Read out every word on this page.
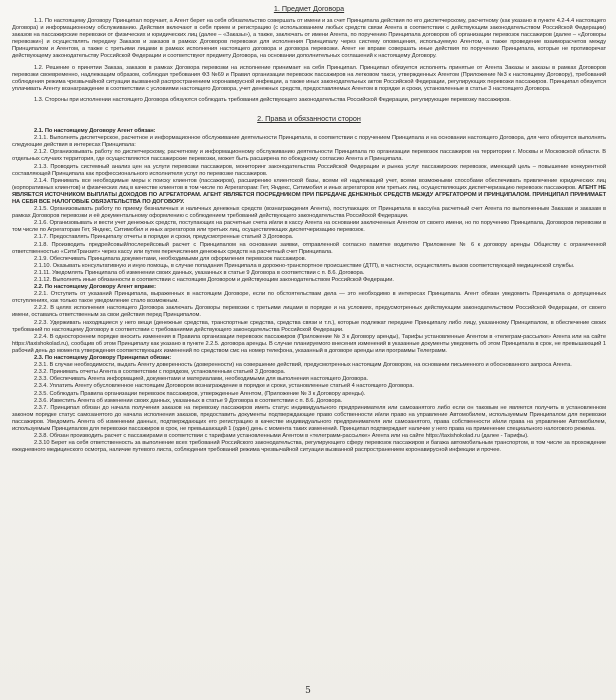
1. Предмет Договора

1.1. По настоящему Договору Принципал поручает, а Агент берет на себя обязательство совершать от имени и за счет Принципала действия по его диспетчерскому, расчетному (как указано в пункте 4.2-4.4 настоящего Договора) и информационному обслуживанию. Действия включают в себя прием и регистрацию (с использованием любых средств связи Агента в соответствии с действующим законодательством Российской Федерации) заказов на пассажирские перевозки от физических и юридических лиц (далее – «Заказы»), а также, заключать от имени Агента, по поручению Принципала договоров об организации перевозок пассажиров (далее – «Договоры перевозки») и осуществлять передачу Заказов и заказов в рамках Договоров перевозки для исполнения Принципалу через систему оповещения, используемую Агентом, а также проведение взаиморасчетов между Принципалом и Агентом, а также с третьими лицами в рамках исполнения настоящего договора и договора перевозки. Агент не вправе совершать иные действия по поручению Принципала, которые не противоречат действующему законодательству Российской Федерации и соответствуют предмету Договора, на основании дополнительных соглашений к настоящему Договору.

1.2. Решение о принятии Заказа, заказов в рамках Договора перевозки на исполнение принимает на себя Принципал. Принципал обязуется исполнять принятые от Агента Заказы и заказы в рамках Договоров перевозки своевременно, надлежащим образом, соблюдая требования ФЗ №69 и Правил организации перевозок пассажиров на легковом такси, утвержденных Агентом (Приложение №3 к настоящему Договору), требований соблюдения режима чрезвычайной ситуации вызванной распространением коронавирусной инфекции, а также иных законодательных актов Российской Федерации, регулирующих перевозки пассажиров. Принципал обязуется уплачивать Агенту вознаграждение в соответствии с условиями настоящего Договора, учет денежных средств, предоставляемых Агентом в порядке и сроки, установленные в статье 3 настоящего Договора.

1.3. Стороны при исполнении настоящего Договора обязуются соблюдать требования действующего законодательства Российской Федерации, регулирующие перевозку пассажиров.

2. Права и обязанности сторон

2.1. По настоящему Договору Агент обязан:

2.1.1. Выполнять диспетчерское, расчетное и информационное обслуживание деятельности Принципала, в соответствии с поручением Принципала и на основании настоящего Договора, для чего обязуется выполнять следующие действия в интересах Принципала:

2.1.2. Организовывать работу по диспетчерскому, расчетному и информационному обслуживанию деятельности Принципала по организации перевозок пассажиров на территории г. Москвы и Московской области. В отдельных случаях территория, где осуществляются пассажирские перевозки, может быть расширена по обоюдному согласию Агента и Принципала.

2.1.3. Проводить системный анализ цен на услуги перевозки пассажиров, мониторинг законодательства Российской Федерации и рынка услуг пассажирских перевозок, имеющий цель – повышение конкурентной составляющей Принципала как профессионального исполнителя услуг по перевозке пассажиров.

2.1.4. Принимать все необходимые меры к поиску клиентов (пассажиров), расширению клиентской базы, всеми ей надлежащий учет, всеми возможными способами обеспечивать привлечение юридических лиц (корпоративных клиентов) и физических лиц в качестве клиентов в том числе по Агрегаторам: Гет, Яндекс, Ситимобил и иных агрегаторов или третьих лиц, осуществляющих диспетчеризацию перевозок пассажиров. АГЕНТ НЕ ЯВЛЯЕТСЯ ИСТОЧНИКОМ ВЫПЛАТЫ ДОХОДОВ ПО АГРЕГАТОРАМ. АГЕНТ ЯВЛЯЕТСЯ ПОСРЕДНИКОМ ПРИ ПЕРЕДАЧЕ ДЕНЕЖНЫХ СРЕДСТВ МЕЖДУ АГРЕГАТОРОМ И ПРИНЦИПАЛОМ. ПРИНЦИПАЛ ПРИНИМАЕТ НА СЕБЯ ВСЕ НАЛОГОВЫЕ ОБЯЗАТЕЛЬСТВА ПО ДОГОВОРУ.

2.1.5. Организовывать работу по приему безналичных и наличных денежных средств (вознаграждения Агента), поступающих от Принципала в кассу/на расчетный счет Агента по выполненным Заказам и заказам в рамках Договоров перевозки и её документальному оформлению с соблюдением требований действующего законодательства Российской Федерации.

2.1.6. Организовывать и вести учет денежных средств, поступающих на расчетные счета и/или в кассу Агента на основании заключенных Агентом от своего имени, но по поручению Принципала, Договоров перевозки в том числе по Агрегаторам Гет, Яндекс, Ситимобил и иных агрегаторов или третьих лиц, осуществляющих диспетчеризацию перевозок.

2.1.7. Предоставлять Принципалу отчеты в порядке и сроки, предусмотренные статьей 3 Договора.

2.1.8. Производить предрейсовый/послерейсовый расчет с Принципалом на основании заявки, отправленной согласно памятке водителю Приложение № 6 к договору аренды Обществу с ограниченной ответственностью «СитиТранзит» через кассу или путем перечисления денежных средств на расчетный счет Принципала.

2.1.9. Обеспечивать Принципала документами, необходимыми для оформления перевозок пассажиров.

2.1.10. Оказывать консультативную и иную помощь, в случае попадания Принципала в дорожно-транспортное происшествие (ДТП), в частности, осуществлять вызов соответствующей медицинской службы.

2.1.11. Уведомлять Принципала об изменении своих данных, указанных в статье 9 Договора в соответствии с п. 8.6. Договора.

2.1.12. Выполнять иные обязанности в соответствии с настоящим Договором и действующим законодательством Российской Федерации.

2.2. По настоящему Договору Агент вправе:

2.2.1. Отступить от указаний Принципала, выраженных в настоящем Договоре, если по обстоятельствам дела — это необходимо в интересах Принципала. Агент обязан уведомить Принципала о допущенных отступлениях, как только такое уведомление стало возможным.

2.2.2. В целях исполнения настоящего Договора заключать Договоры перевозки с третьими лицами в порядке и на условиях, предусмотренных действующим законодательством Российской Федерации, от своего имени, оставаясь ответственным за свои действия перед Принципалом.

2.2.3. Удерживать находящиеся у него вещи (денежные средства, транспортные средства, средства связи и т.п.), которые подлежат передаче Принципалу либо лицу, указанному Принципалом, в обеспечение своих требований по настоящему Договору в соответствии с требованиями действующего законодательства Российской Федерации.

2.2.4. В одностороннем порядке вносить изменения в Правила организации перевозок пассажиров (Приложение № 3 к Договору аренды), Тарифы установленные Агентом в «телеграм-рассылке» Агента или на сайте https://taxishokolad.ru), сообщив об этом Принципалу как указано в пункте 2.2.5. договора аренды. В случае планируемого внесения изменений в указанные документы уведомить об этом Принципала в срок, не превышающий 1 рабочий день до момента утверждения соответствующих изменений по средством смс на номер телефона, указанный в договоре аренды или программы Телеграмм.

2.3. По настоящему Договору Принципал обязан:

2.3.1. В случае необходимости, выдать Агенту доверенность (доверенности) на совершение действий, предусмотренных настоящим Договором, на основании письменного и обоснованного запроса Агента.

2.3.2. Принимать отчеты Агента в соответствии с порядком, установленным статьей 3 Договора.

2.3.3. Обеспечивать Агента информацией, документами и материалами, необходимыми для выполнения настоящего Договора.

2.3.4. Уплатить Агенту обусловленное настоящим Договором вознаграждение в порядке и сроки, установленные статьей 4 настоящего Договора.

2.3.5. Соблюдать Правила организации перевозок пассажиров, утвержденные Агентом, (Приложение № 3 к Договору аренды).

2.3.6. Известить Агента об изменении своих данных, указанных в статье 9 Договора в соответствии с п. 8.6. Договора.

2.3.7. Принципал обязан до начала получения заказов на перевозку пассажиров иметь статус индивидуального предпринимателя или самозанятого либо если он таковым не является получить в установленном законом порядке статус самозанятого до начала исполнения заказов, предоставить документы подтверждающие право собственности и/или право на управление Автомобилем, используемым Принципалом для перевозки пассажиров. Уведомить Агента об изменении данных, подтверждающих его регистрацию в качестве индивидуального предпринимателя или самозанятого, права собственности и/или права на управление Автомобилем, используемым Принципалом для перевозки пассажиров в срок, не превышающий 1 (один) день с момента таких изменений. Принципал подтверждает наличие у него права на применение специального налогового режима.

2.3.8. Обязан производить расчет с пассажирами в соответствии с тарифами установленными Агентом в «телеграмм-рассылке» Агента или на сайте https://taxishokolad.ru (далее - Тарифы).

2.3.10 Берет на себя ответственность за выполнение всех требований Российского законодательства, регулирующего сферу перевозок пассажиров и багажа автомобильным транспортом, в том числе за прохождение ежедневного медицинского осмотра, наличие путевого листа, соблюдения требований режима чрезвычайной ситуации вызванной распространением коронавирусной инфекции и прочее.

5
